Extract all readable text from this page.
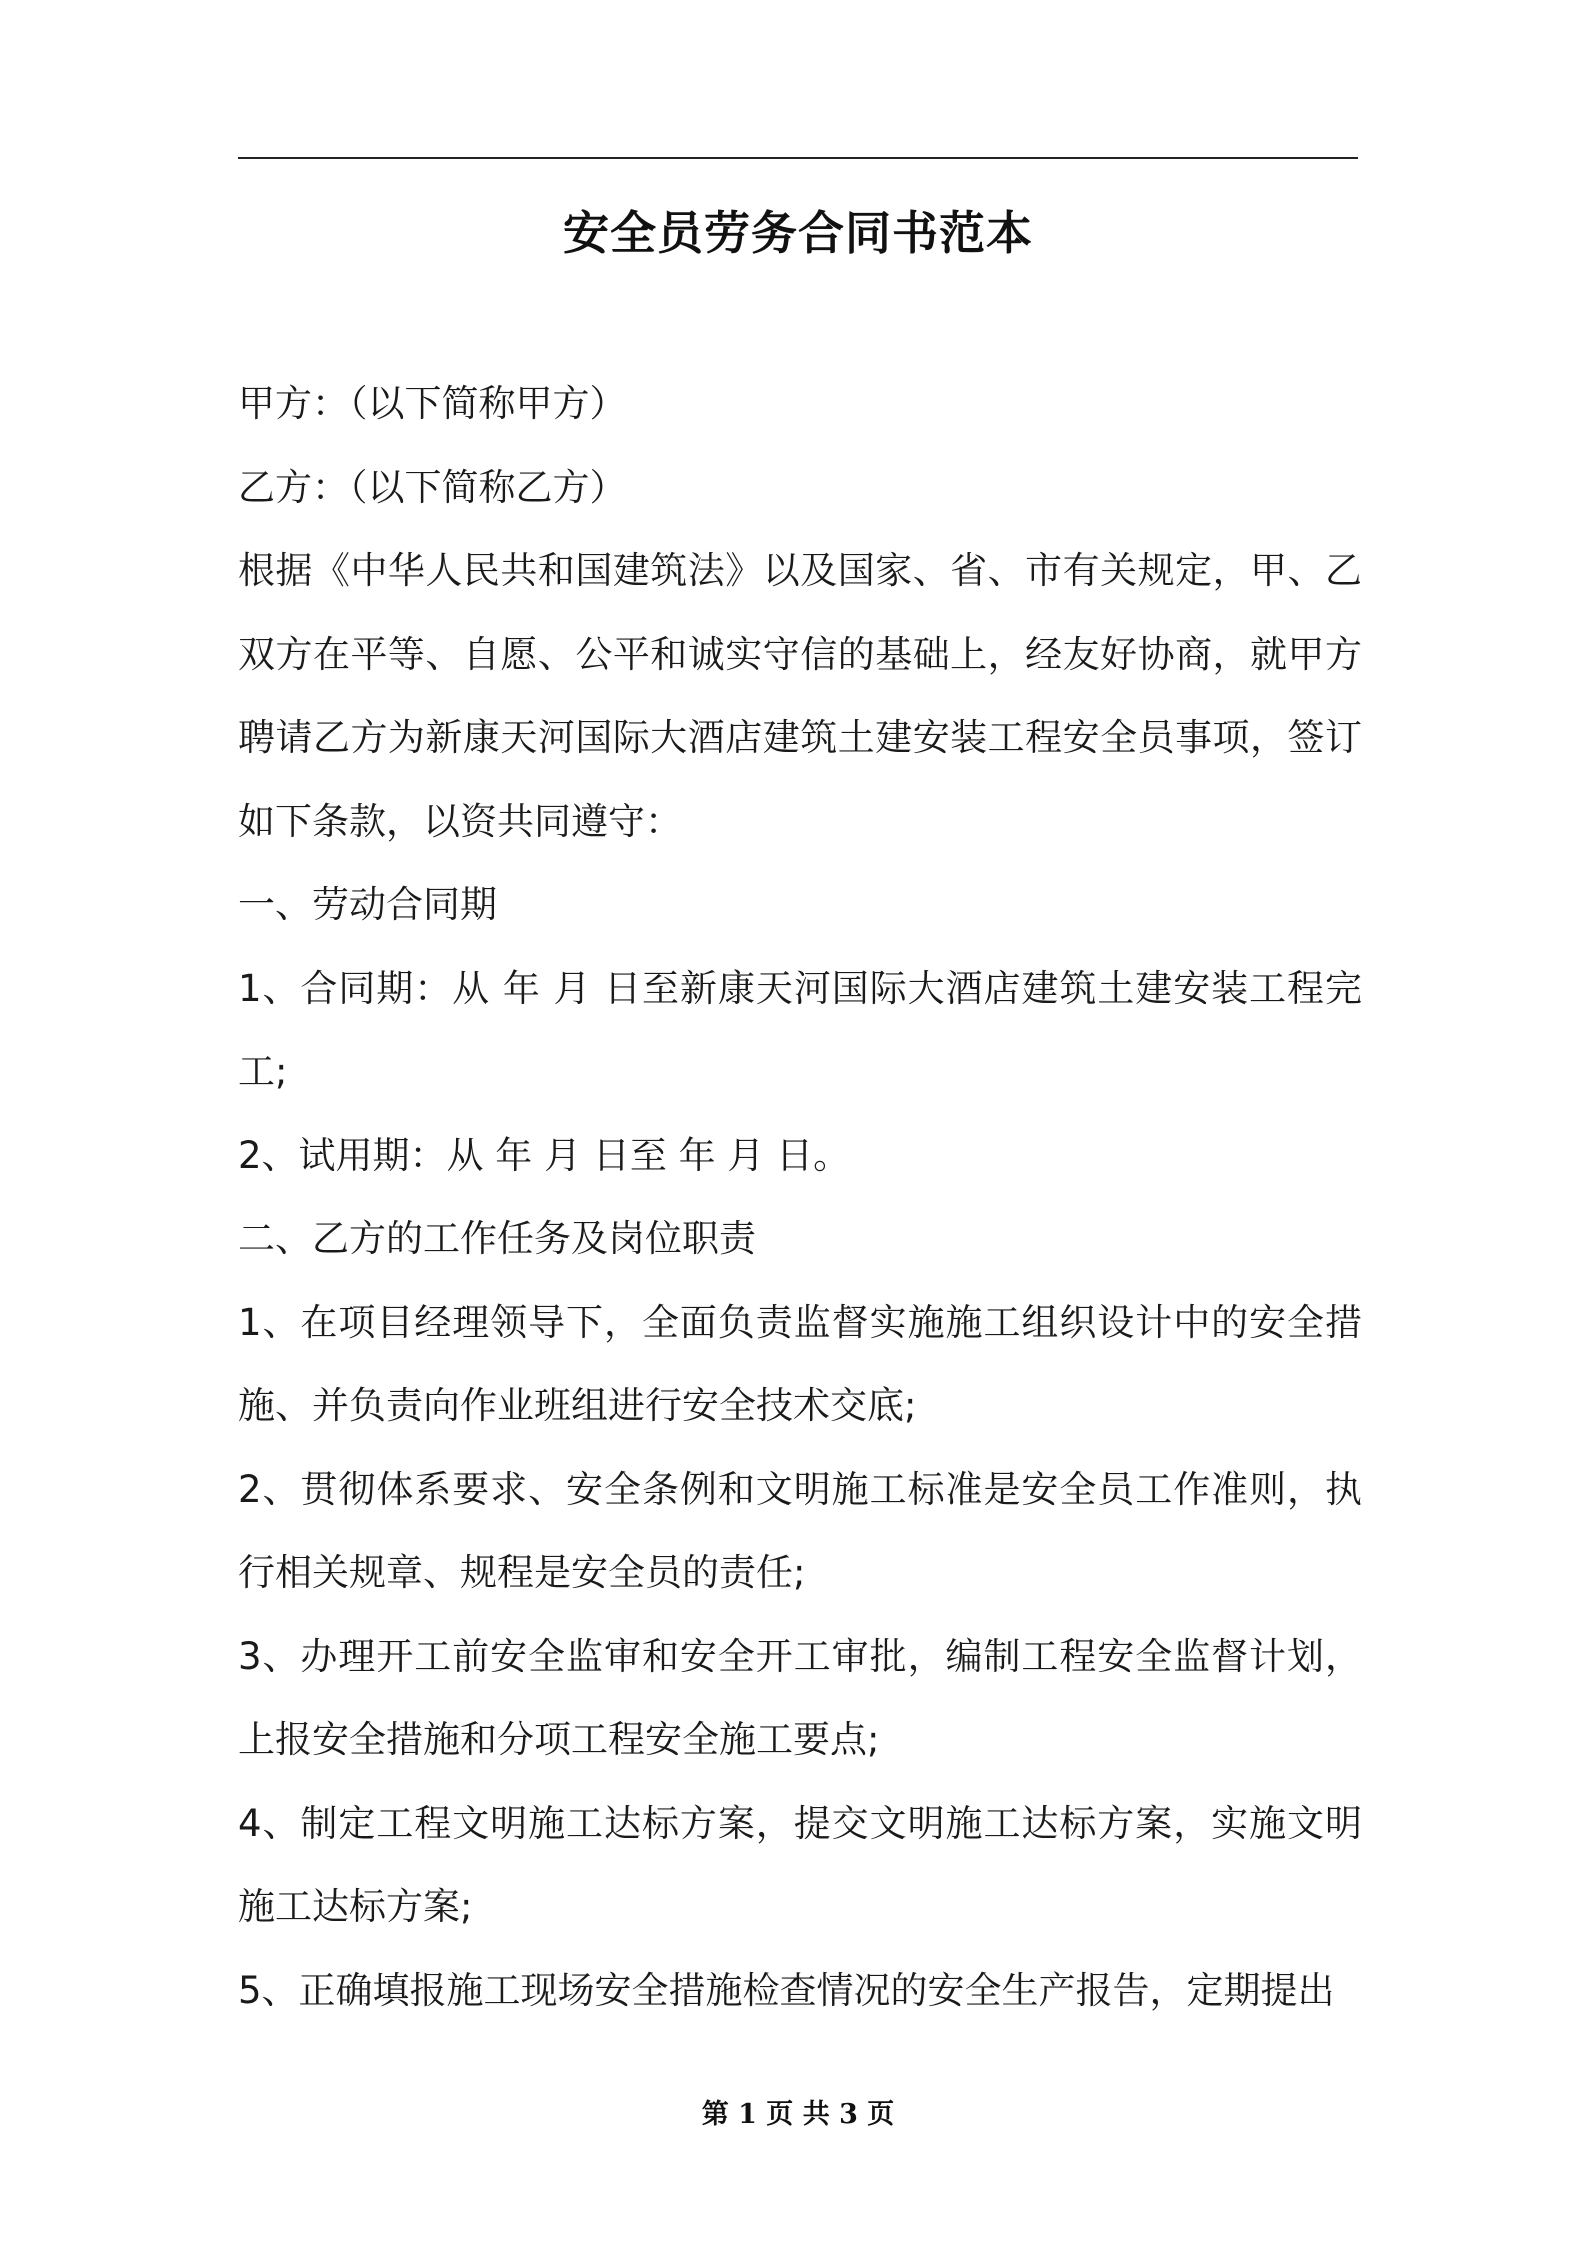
安全员劳务合同书范本

甲方：（以下简称甲方）

乙方：（以下简称乙方）

根据《中华人民共和国建筑法》以及国家、省、市有关规定，甲、乙双方在平等、自愿、公平和诚实守信的基础上，经友好协商，就甲方聘请乙方为新康天河国际大酒店建筑土建安装工程安全员事项，签订如下条款，以资共同遵守：

一、劳动合同期

1、合同期：从 年 月 日至新康天河国际大酒店建筑土建安装工程完工;

2、试用期：从 年 月 日至 年 月 日。

二、乙方的工作任务及岗位职责

1、在项目经理领导下，全面负责监督实施施工组织设计中的安全措施、并负责向作业班组进行安全技术交底;

2、贯彻体系要求、安全条例和文明施工标准是安全员工作准则，执行相关规章、规程是安全员的责任;

3、办理开工前安全监审和安全开工审批，编制工程安全监督计划，上报安全措施和分项工程安全施工要点;

4、制定工程文明施工达标方案，提交文明施工达标方案，实施文明施工达标方案;

5、正确填报施工现场安全措施检查情况的安全生产报告，定期提出

第 1 页 共 3 页
